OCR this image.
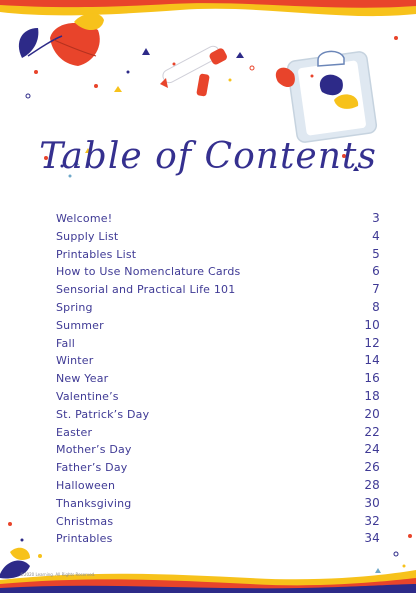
Table of Contents
Welcome!	3
Supply List	4
Printables List	5
How to Use Nomenclature Cards	6
Sensorial and Practical Life 101	7
Spring	8
Summer	10
Fall	12
Winter	14
New Year	16
Valentine’s	18
St. Patrick’s Day	20
Easter	22
Mother’s Day	24
Father’s Day	26
Halloween	28
Thanksgiving	30
Christmas	32
Printables	34
©2020 Learning. All Rights Reserved.
